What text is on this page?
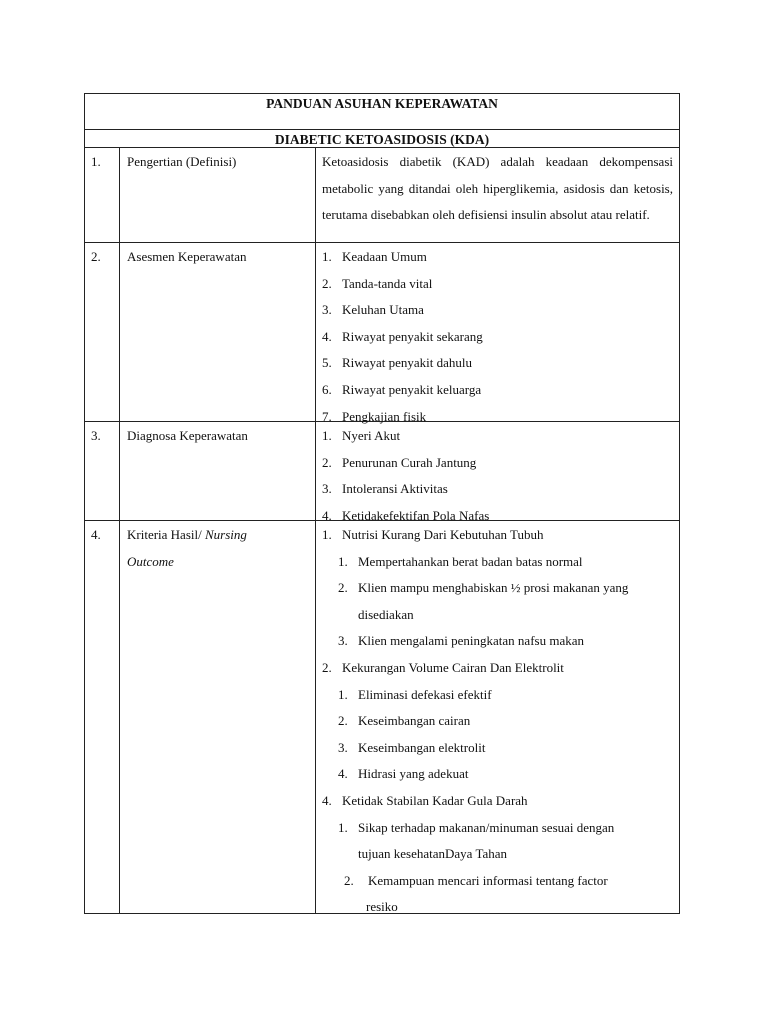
PANDUAN ASUHAN KEPERAWATAN
DIABETIC KETOASIDOSIS (KDA)
1.	Pengertian (Definisi)	Ketoasidosis diabetik (KAD) adalah keadaan dekompensasi metabolic yang ditandai oleh hiperglikemia, asidosis dan ketosis, terutama disebabkan oleh defisiensi insulin absolut atau relatif.
2.	Asesmen Keperawatan	1. Keadaan Umum
2. Tanda-tanda vital
3. Keluhan Utama
4. Riwayat penyakit sekarang
5. Riwayat penyakit dahulu
6. Riwayat penyakit keluarga
7. Pengkajian fisik
3.	Diagnosa Keperawatan	1. Nyeri Akut
2. Penurunan Curah Jantung
3. Intoleransi Aktivitas
4. Ketidakefektifan Pola Nafas
4.	Kriteria Hasil/ Nursing
Outcome
1. Nutrisi Kurang Dari Kebutuhan Tubuh
1. Mempertahankan berat badan batas normal
2. Klien mampu menghabiskan ½ prosi makanan yang
disediakan
3. Klien mengalami peningkatan nafsu makan
2. Kekurangan Volume Cairan Dan Elektrolit
1. Eliminasi defekasi efektif
2. Keseimbangan cairan
3. Keseimbangan elektrolit
4. Hidrasi yang adekuat
4. Ketidak Stabilan Kadar Gula Darah
1. Sikap terhadap makanan/minuman sesuai dengan
tujuan kesehatanDaya Tahan
2.	Kemampuan mencari informasi tentang factor
resiko
